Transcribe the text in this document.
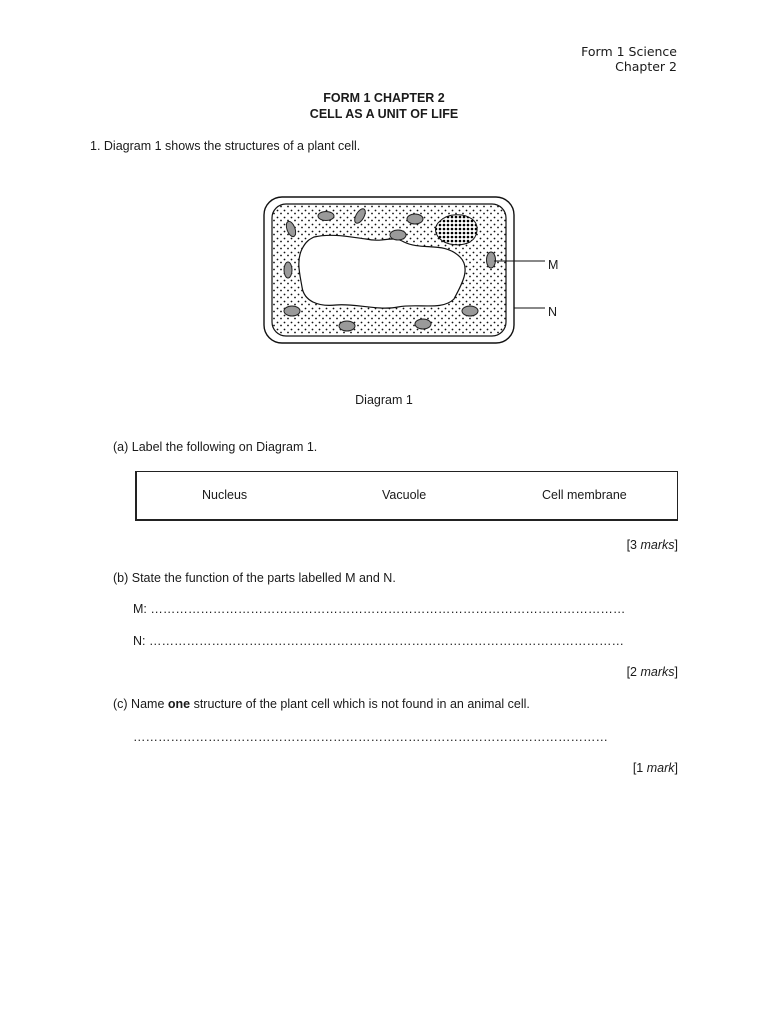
Form 1 Science
Chapter 2
FORM 1 CHAPTER 2
CELL AS A UNIT OF LIFE
1. Diagram 1 shows the structures of a plant cell.
M
N
Diagram 1
(a) Label the following on Diagram 1.
Nucleus	Vacuole	Cell membrane
[3 marks]
(b) State the function of the parts labelled M and N.
M: ……………………………………………………………………………………………………
N: ……………………………………………………………………………………………………
[2 marks]
(c) Name one structure of the plant cell which is not found in an animal cell.
……………………………………………………………………………………………………
[1 mark]
